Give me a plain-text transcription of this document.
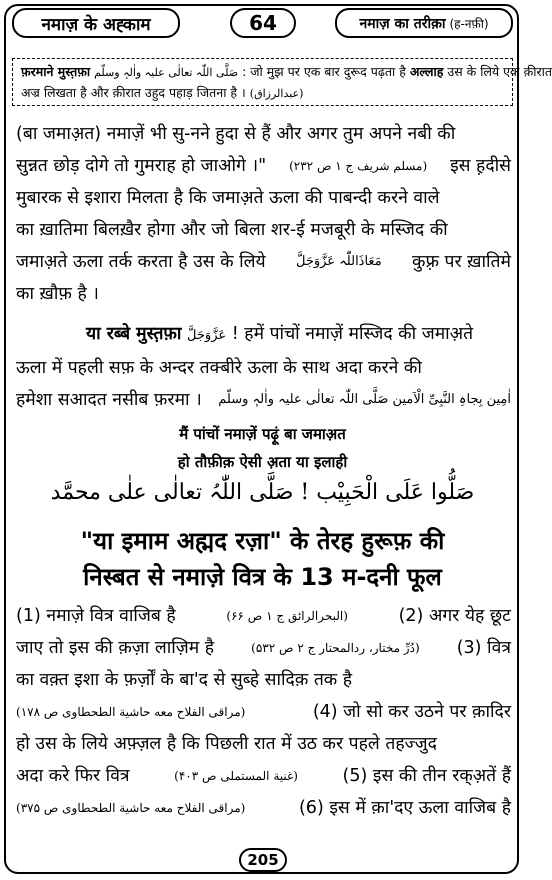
नमाज़ के अह्काम	64	नमाज़ का तरीक़ा (ह-नफ़ी)
फ़रमाने मुस्त़फ़ा صَلَّی اللّٰہ تعالٰی علیہ واٰلہٖ وسلّم : जो मुझ पर एक बार दुरूद पढ़ता है अल्लाह उस के लिये एक क़ीरात
अज्र लिखता है और क़ीरात उहुद पहाड़ जितना है । (عبدالرزاق)
(बा जमाअ़त) नमाज़ें भी सु-नने हुदा से हैं और अगर तुम अपने नबी की
सुन्नत छोड़ दोगे तो गुमराह हो जाओगे ।" (مسلم شریف ج ۱ ص ۲۳۲) इस ह़दीसे
मुबारक से इशारा मिलता है कि जमाअ़ते ऊला की पाबन्दी करने वाले
का ख़ातिमा बिलख़ैर होगा और जो बिला शर-ई मजबूरी के मस्जिद की
जमाअ़ते ऊला तर्क करता है उस के लिये مَعَاذَاللّٰہ عَزَّوَجَلَّ कुफ़्र पर ख़ातिमे
का ख़ौफ़ है ।
या रब्बे मुस्त़फ़ा عَزَّوَجَلَّ ! हमें पांचों नमाज़ें मस्जिद की जमाअ़ते
ऊला में पहली सफ़ के अन्दर तक्बीरे ऊला के साथ अदा करने की
हमेशा सआदत नसीब फ़रमा । اٰمِین بِجاہِ النَّبِیِّ الْاَمین صَلَّی اللّٰہ تعالٰی علیہ واٰلہٖ وسلّم
मैं पांचों नमाज़ें पढ़ूं बा जमाअ़त
हो तौफ़ीक़ ऐसी अ़ता या इलाही
صَلُّوا عَلَی الْحَبِیْب ! صَلَّی اللّٰہُ تعالٰی علٰی محمَّد
"या इमाम अह्मद रज़ा" के तेरह हुरूफ़ की
निस्बत से नमाज़े वित्र के 13 म-दनी फूल
(1) नमाज़े वित्र वाजिब है	(البحرالرائق ج ۱ ص ۶۶)	(2) अगर येह छूट
जाए तो इस की क़ज़ा लाज़िम है	(دُرِّ مختار، ردالمحتار ج ۲ ص ۵۳۲) (3) वित्र
का वक़्त इशा के फ़र्ज़ों के बा'द से सुब्हे सादिक़ तक है
(مراقی الفلاح معه حاشیة الطحطاوی ص ۱۷۸)	(4) जो सो कर उठने पर क़ादिर
हो उस के लिये अफ़्ज़ल है कि पिछली रात में उठ कर पहले तहज्जुद
अदा करे फिर वित्र	(غنیة المستملی ص ۴۰۳)	(5) इस की तीन रक्अ़तें हैं
(مراقی الفلاح معه حاشیة الطحطاوی ص ۳۷۵)	(6) इस में क़ा'दए ऊला वाजिब है
205
